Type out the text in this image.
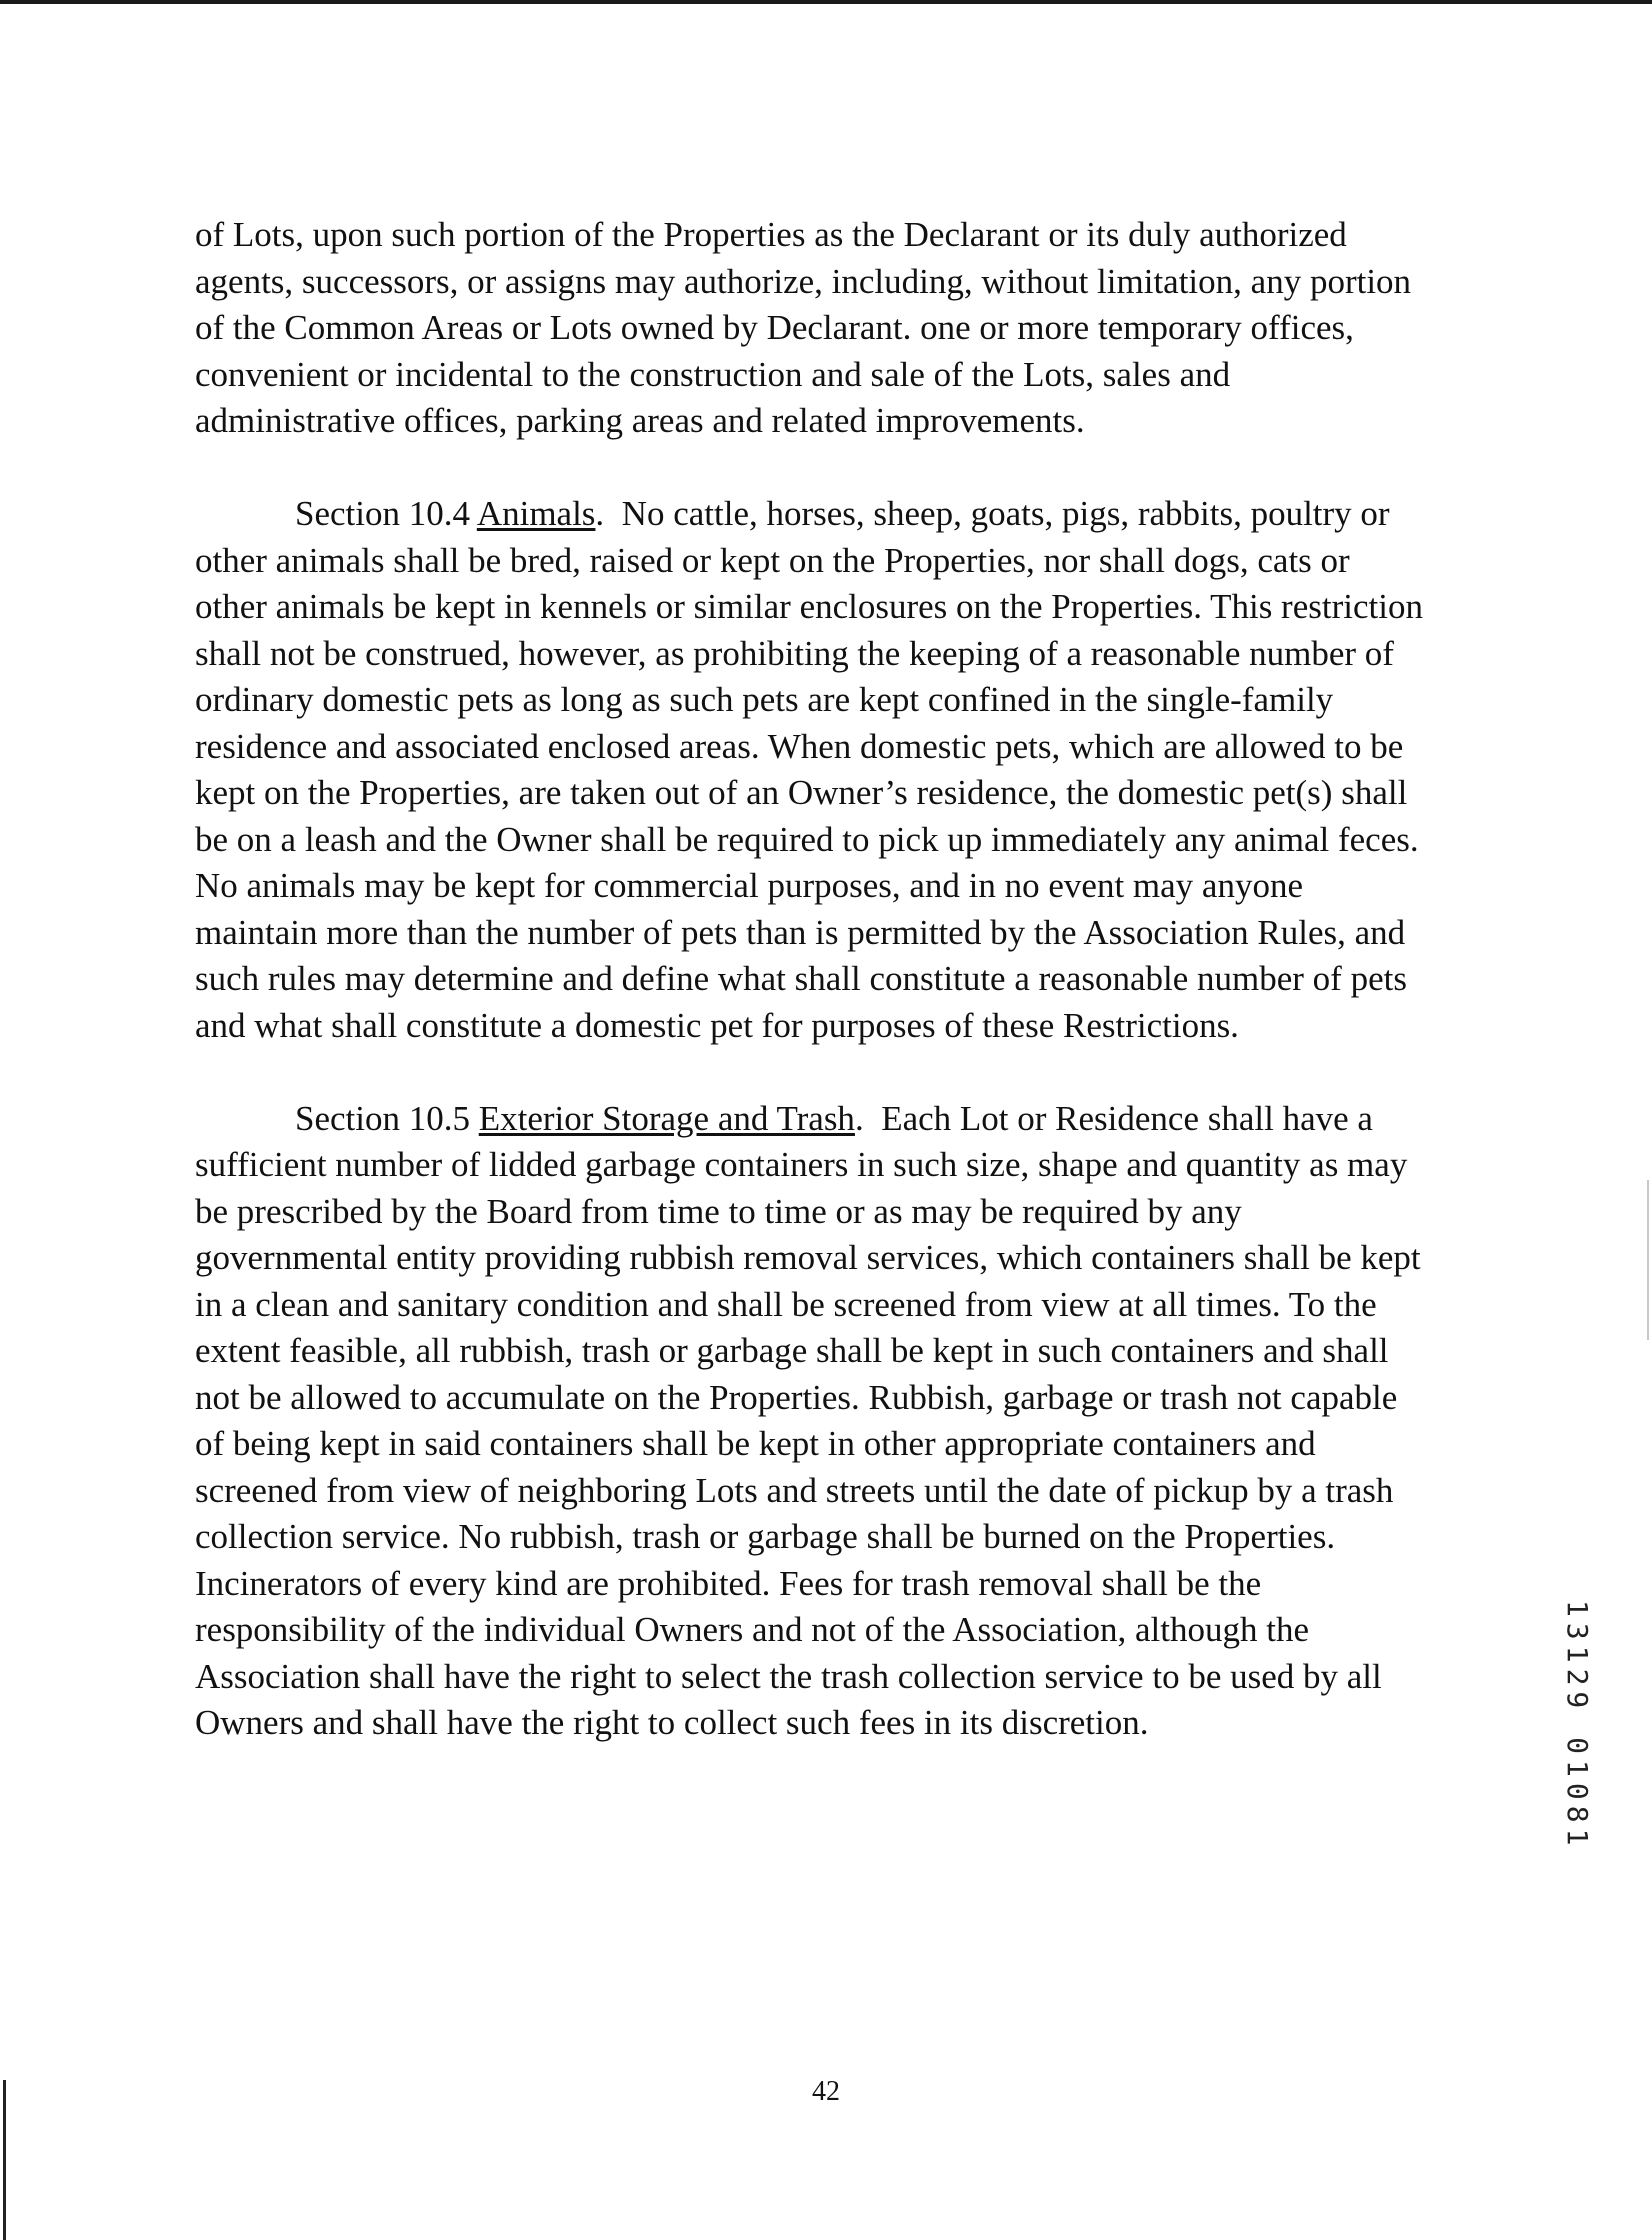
of Lots, upon such portion of the Properties as the Declarant or its duly authorized agents, successors, or assigns may authorize, including, without limitation, any portion of the Common Areas or Lots owned by Declarant. one or more temporary offices, convenient or incidental to the construction and sale of the Lots, sales and administrative offices, parking areas and related improvements.

Section 10.4 Animals.  No cattle, horses, sheep, goats, pigs, rabbits, poultry or other animals shall be bred, raised or kept on the Properties, nor shall dogs, cats or other animals be kept in kennels or similar enclosures on the Properties. This restriction shall not be construed, however, as prohibiting the keeping of a reasonable number of ordinary domestic pets as long as such pets are kept confined in the single-family residence and associated enclosed areas. When domestic pets, which are allowed to be kept on the Properties, are taken out of an Owner’s residence, the domestic pet(s) shall be on a leash and the Owner shall be required to pick up immediately any animal feces. No animals may be kept for commercial purposes, and in no event may anyone maintain more than the number of pets than is permitted by the Association Rules, and such rules may determine and define what shall constitute a reasonable number of pets and what shall constitute a domestic pet for purposes of these Restrictions.

Section 10.5 Exterior Storage and Trash.  Each Lot or Residence shall have a sufficient number of lidded garbage containers in such size, shape and quantity as may be prescribed by the Board from time to time or as may be required by any governmental entity providing rubbish removal services, which containers shall be kept in a clean and sanitary condition and shall be screened from view at all times. To the extent feasible, all rubbish, trash or garbage shall be kept in such containers and shall not be allowed to accumulate on the Properties. Rubbish, garbage or trash not capable of being kept in said containers shall be kept in other appropriate containers and screened from view of neighboring Lots and streets until the date of pickup by a trash collection service. No rubbish, trash or garbage shall be burned on the Properties. Incinerators of every kind are prohibited. Fees for trash removal shall be the responsibility of the individual Owners and not of the Association, although the Association shall have the right to select the trash collection service to be used by all Owners and shall have the right to collect such fees in its discretion.	13129 01081
42
